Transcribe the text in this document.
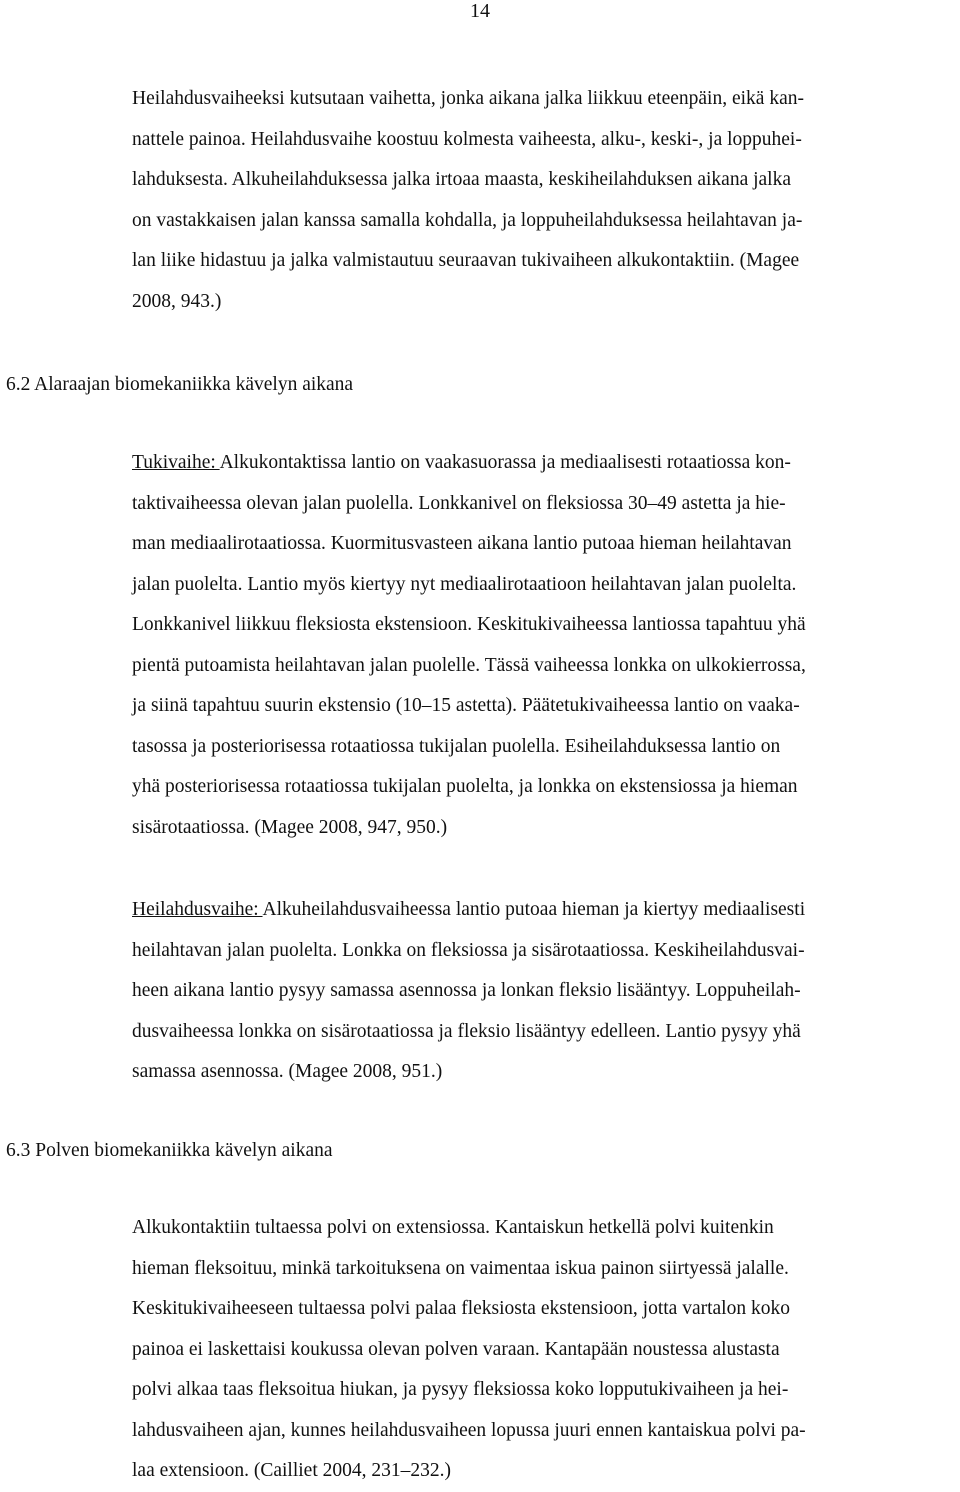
14
Heilahdusvaiheeksi kutsutaan vaihetta, jonka aikana jalka liikkuu eteenpäin, eikä kan-
nattele painoa. Heilahdusvaihe koostuu kolmesta vaiheesta, alku-, keski-, ja loppuhei-
lahduksesta. Alkuheilahduksessa jalka irtoaa maasta, keskiheilahduksen aikana jalka
on vastakkaisen jalan kanssa samalla kohdalla, ja loppuheilahduksessa heilahtavan ja-
lan liike hidastuu ja jalka valmistautuu seuraavan tukivaiheen alkukontaktiin. (Magee
2008, 943.)
6.2 Alaraajan biomekaniikka kävelyn aikana
Tukivaihe: Alkukontaktissa lantio on vaakasuorassa ja mediaalisesti rotaatiossa kon-
taktivaiheessa olevan jalan puolella. Lonkkanivel on fleksiossa 30–49 astetta ja hie-
man mediaalirotaatiossa. Kuormitusvasteen aikana lantio putoaa hieman heilahtavan
jalan puolelta. Lantio myös kiertyy nyt mediaalirotaatioon heilahtavan jalan puolelta.
Lonkkanivel liikkuu fleksiosta ekstensioon. Keskitukivaiheessa lantiossa tapahtuu yhä
pientä putoamista heilahtavan jalan puolelle. Tässä vaiheessa lonkka on ulkokierrossa,
ja siinä tapahtuu suurin ekstensio (10–15 astetta). Päätetukivaiheessa lantio on vaaka-
tasossa ja posteriorisessa rotaatiossa tukijalan puolella. Esiheilahduksessa lantio on
yhä posteriorisessa rotaatiossa tukijalan puolelta, ja lonkka on ekstensiossa ja hieman
sisärotaatiossa. (Magee 2008, 947, 950.)
Heilahdusvaihe: Alkuheilahdusvaiheessa lantio putoaa hieman ja kiertyy mediaalisesti
heilahtavan jalan puolelta. Lonkka on fleksiossa ja sisärotaatiossa. Keskiheilahdusvai-
heen aikana lantio pysyy samassa asennossa ja lonkan fleksio lisääntyy. Loppuheilah-
dusvaiheessa lonkka on sisärotaatiossa ja fleksio lisääntyy edelleen. Lantio pysyy yhä
samassa asennossa. (Magee 2008, 951.)
6.3 Polven biomekaniikka kävelyn aikana
Alkukontaktiin tultaessa polvi on extensiossa. Kantaiskun hetkellä polvi kuitenkin
hieman fleksoituu, minkä tarkoituksena on vaimentaa iskua painon siirtyessä jalalle.
Keskitukivaiheeseen tultaessa polvi palaa fleksiosta ekstensioon, jotta vartalon koko
painoa ei laskettaisi koukussa olevan polven varaan. Kantapään noustessa alustasta
polvi alkaa taas fleksoitua hiukan, ja pysyy fleksiossa koko lopputukivaiheen ja hei-
lahdusvaiheen ajan, kunnes heilahdusvaiheen lopussa juuri ennen kantaiskua polvi pa-
laa extensioon. (Cailliet 2004, 231–232.)
